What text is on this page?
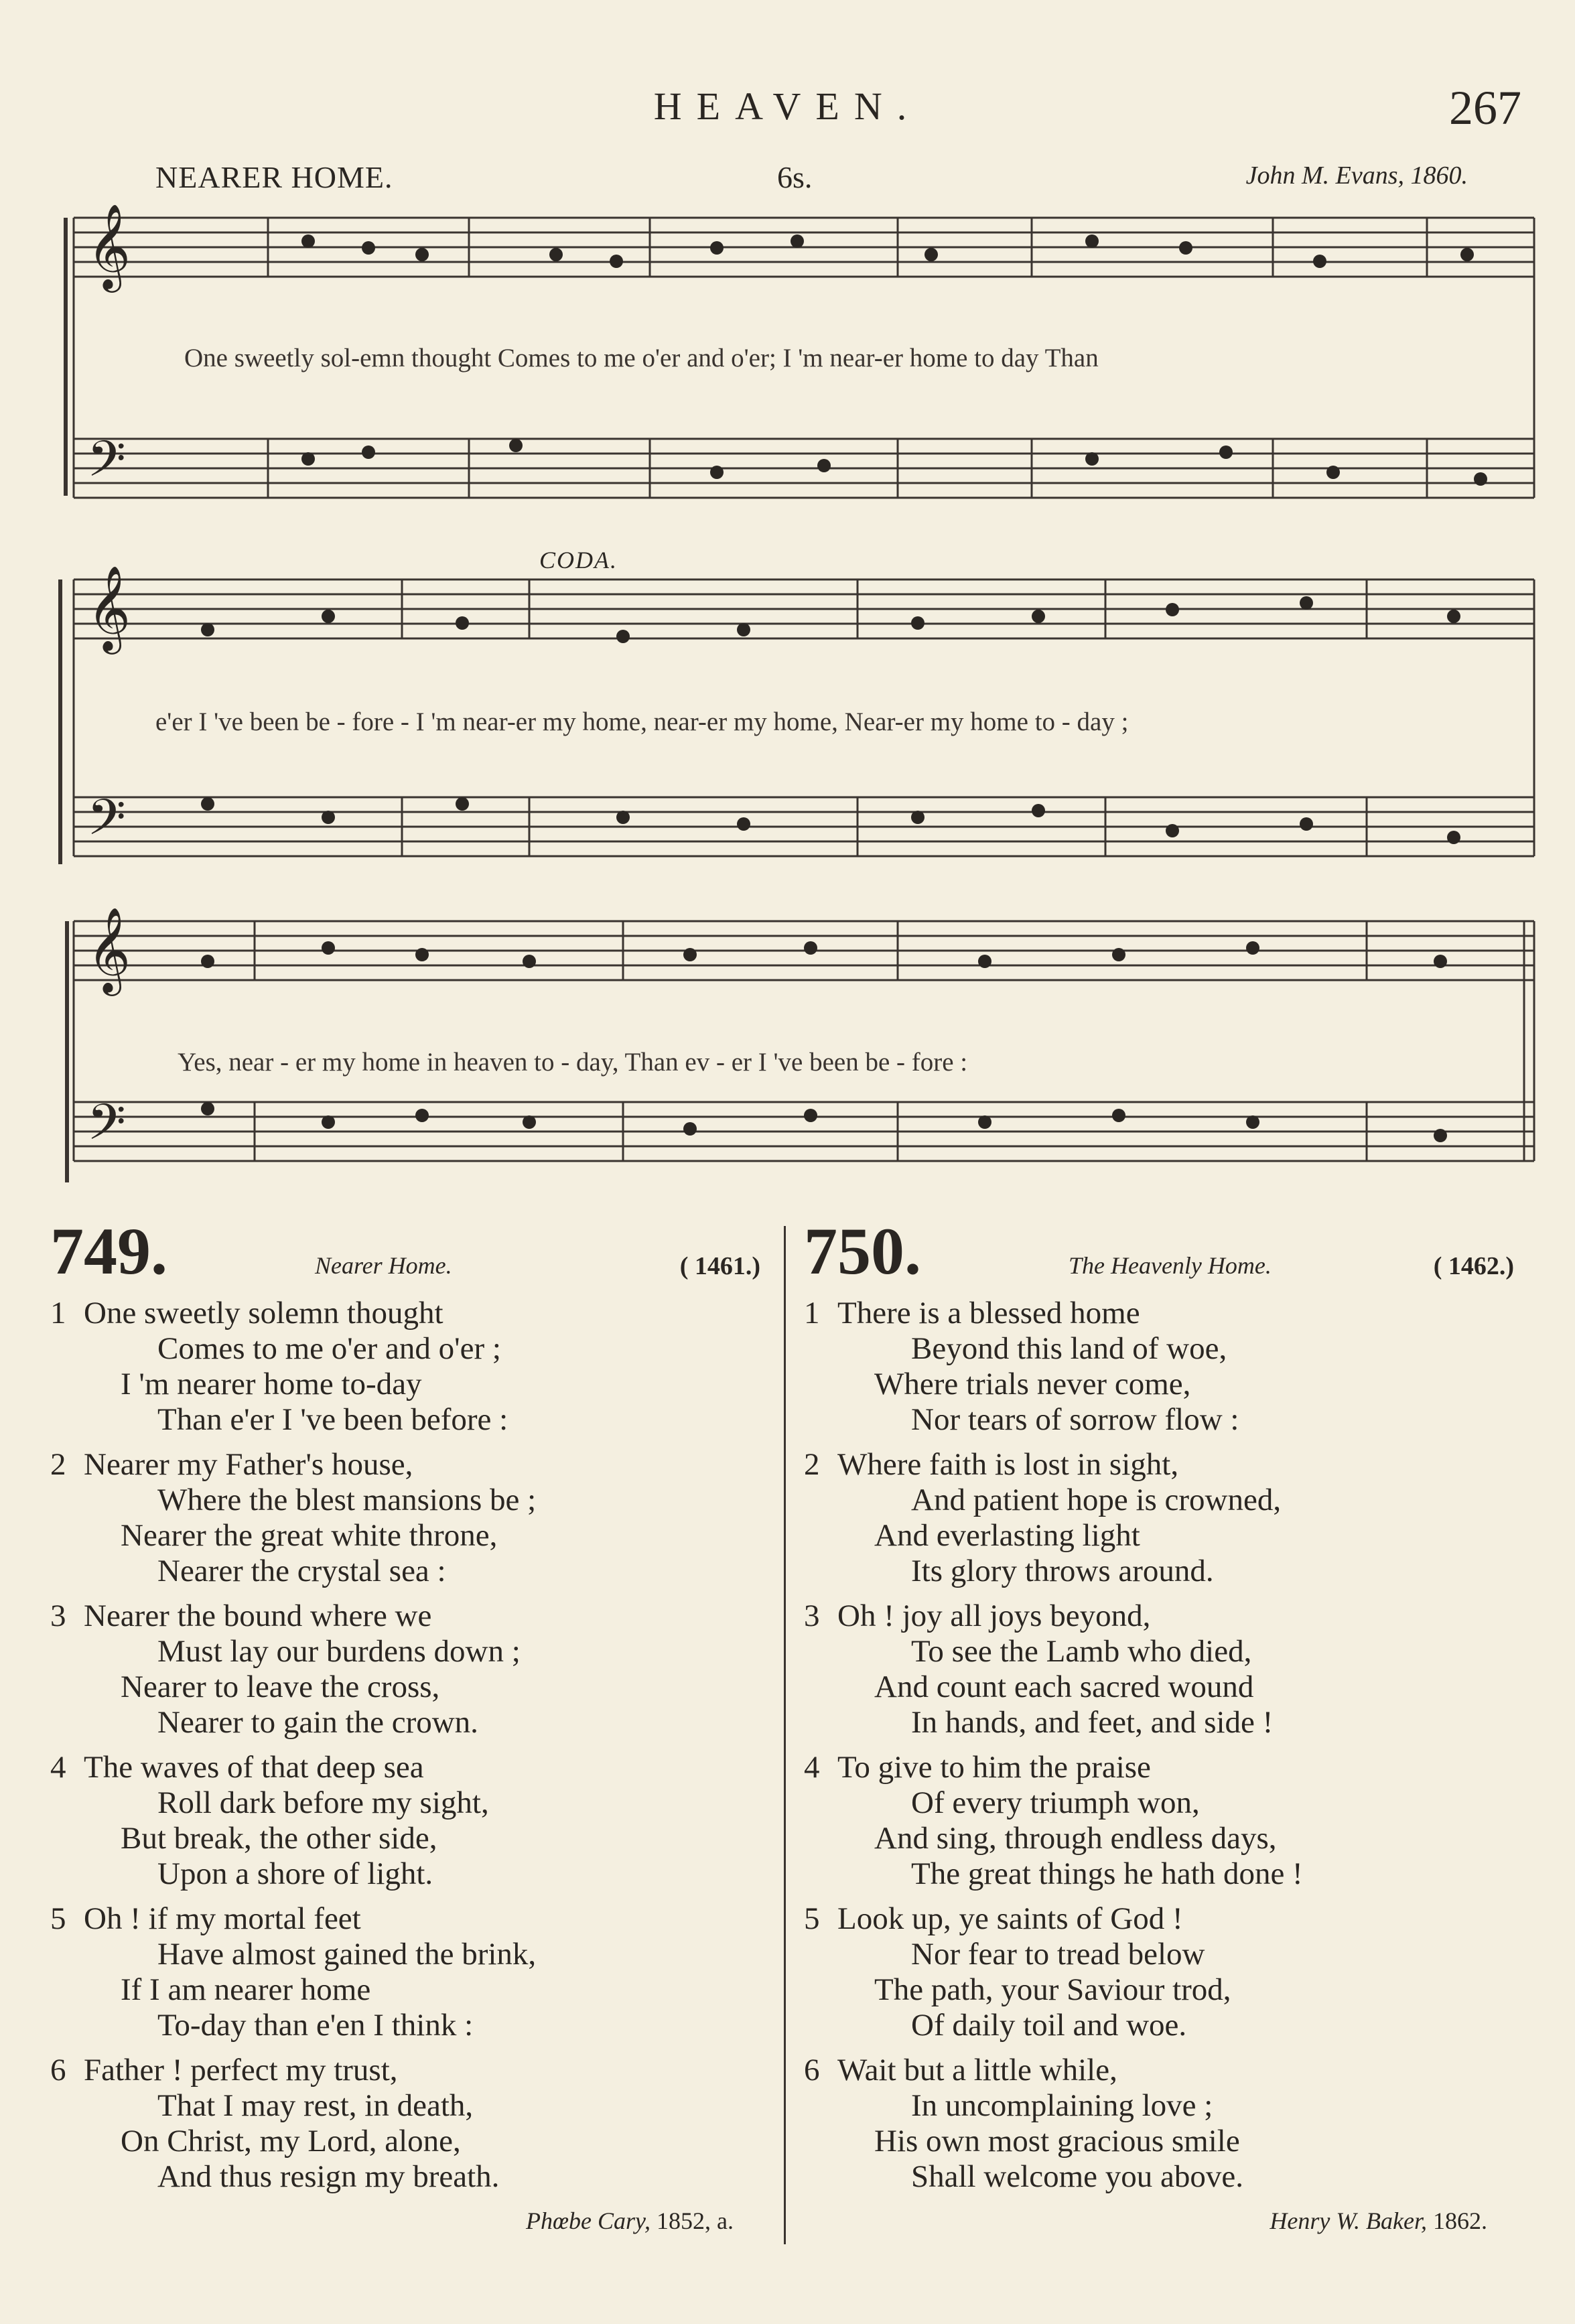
HEAVEN.	267
NEARER HOME.	6s.	John M. Evans, 1860.
𝄞
𝄢
One sweetly sol-emn thought Comes to me o'er and o'er; I 'm near-er home to day Than
CODA.
𝄞
𝄢
e'er I 've been be - fore - I 'm near-er my home, near-er my home, Near-er my home to - day ;
𝄞
𝄢
Yes, near - er my home in heaven to - day, Than ev - er I 've been be - fore :
749.	Nearer Home.	( 1461.)
1 One sweetly solemn thought
Comes to me o'er and o'er ;
I 'm nearer home to-day
Than e'er I 've been before :
2 Nearer my Father's house,
Where the blest mansions be ;
Nearer the great white throne,
Nearer the crystal sea :
3 Nearer the bound where we
Must lay our burdens down ;
Nearer to leave the cross,
Nearer to gain the crown.
4 The waves of that deep sea
Roll dark before my sight,
But break, the other side,
Upon a shore of light.
5 Oh ! if my mortal feet
Have almost gained the brink,
If I am nearer home
To-day than e'en I think :
6 Father ! perfect my trust,
That I may rest, in death,
On Christ, my Lord, alone,
And thus resign my breath.
Phœbe Cary, 1852, a.
750.	The Heavenly Home.	( 1462.)
1 There is a blessed home
Beyond this land of woe,
Where trials never come,
Nor tears of sorrow flow :
2 Where faith is lost in sight,
And patient hope is crowned,
And everlasting light
Its glory throws around.
3 Oh ! joy all joys beyond,
To see the Lamb who died,
And count each sacred wound
In hands, and feet, and side !
4 To give to him the praise
Of every triumph won,
And sing, through endless days,
The great things he hath done !
5 Look up, ye saints of God !
Nor fear to tread below
The path, your Saviour trod,
Of daily toil and woe.
6 Wait but a little while,
In uncomplaining love ;
His own most gracious smile
Shall welcome you above.
Henry W. Baker, 1862.
